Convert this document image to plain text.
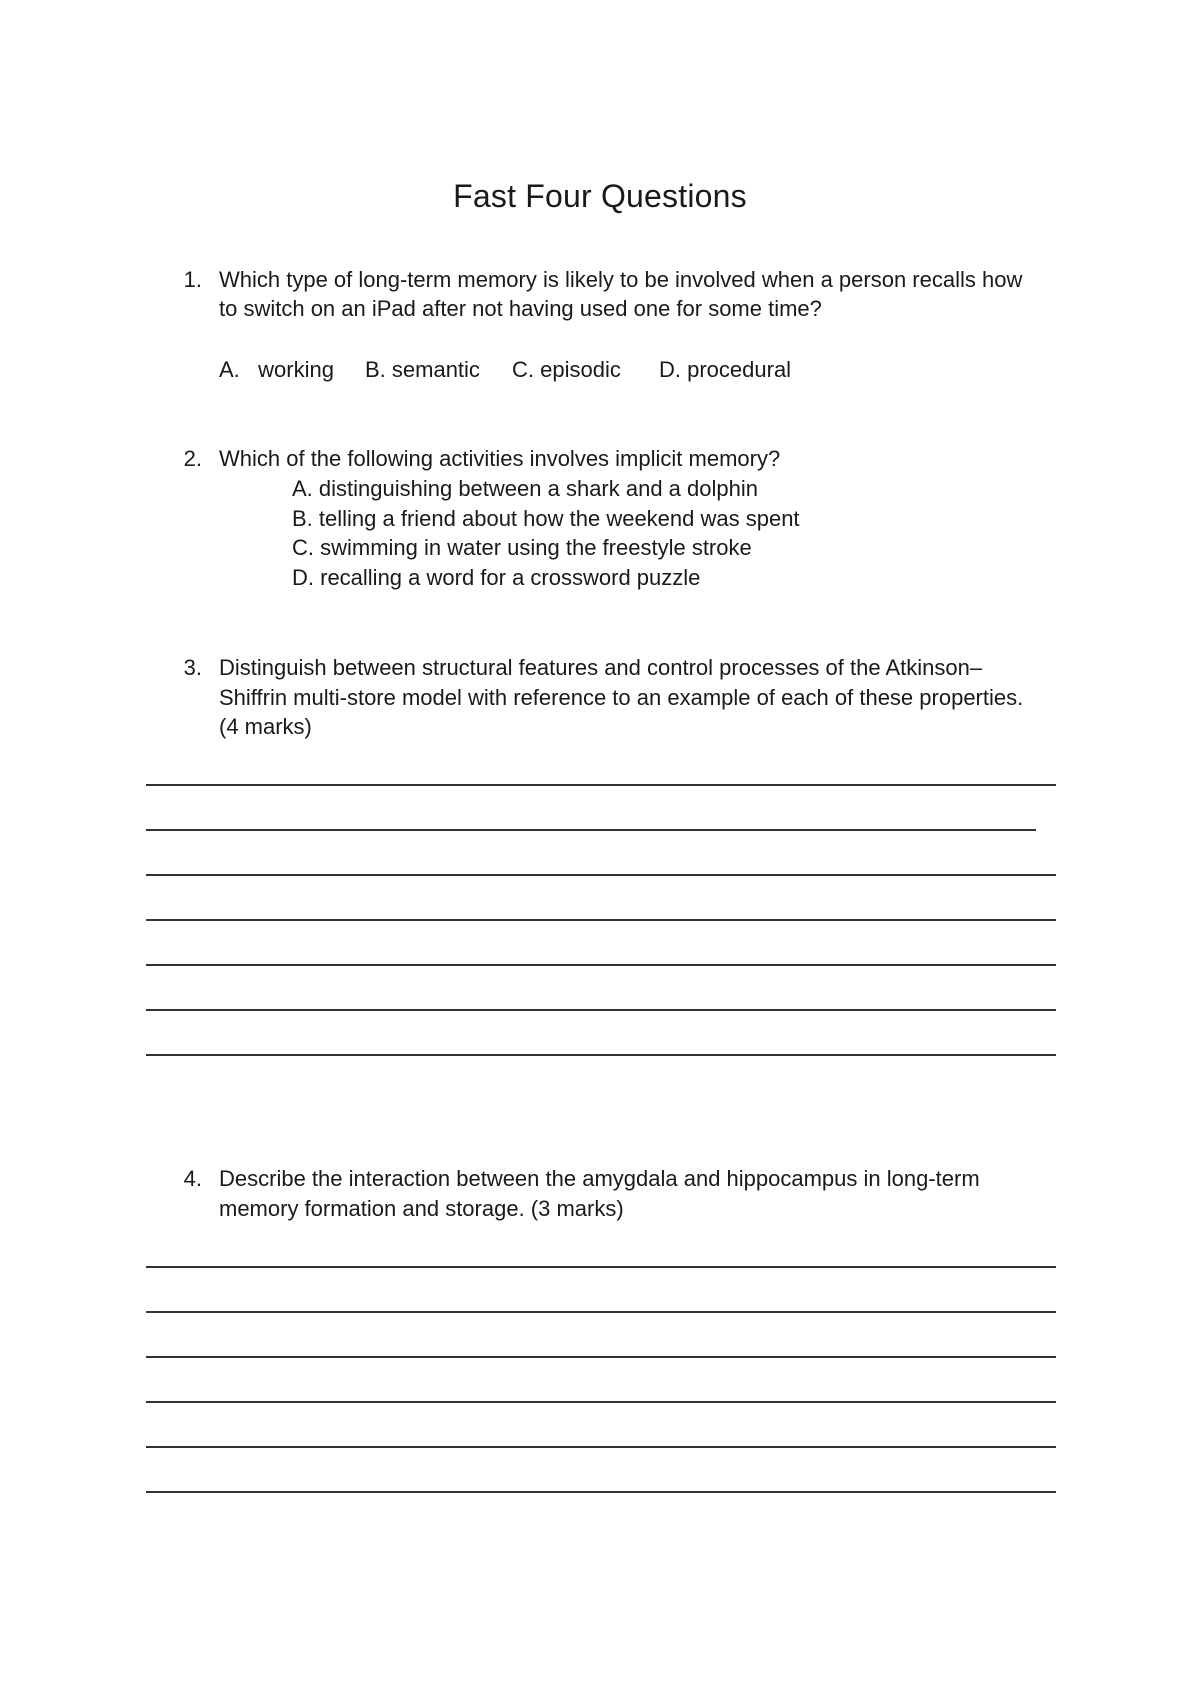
Fast Four Questions
1. Which type of long-term memory is likely to be involved when a person recalls how
to switch on an iPad after not having used one for some time?
A.   working B. semantic C. episodic D. procedural
2. Which of the following activities involves implicit memory?
A. distinguishing between a shark and a dolphin
B. telling a friend about how the weekend was spent
C. swimming in water using the freestyle stroke
D. recalling a word for a crossword puzzle
3. Distinguish between structural features and control processes of the Atkinson–
Shiffrin multi-store model with reference to an example of each of these properties.
(4 marks)
4. Describe the interaction between the amygdala and hippocampus in long-term
memory formation and storage. (3 marks)
